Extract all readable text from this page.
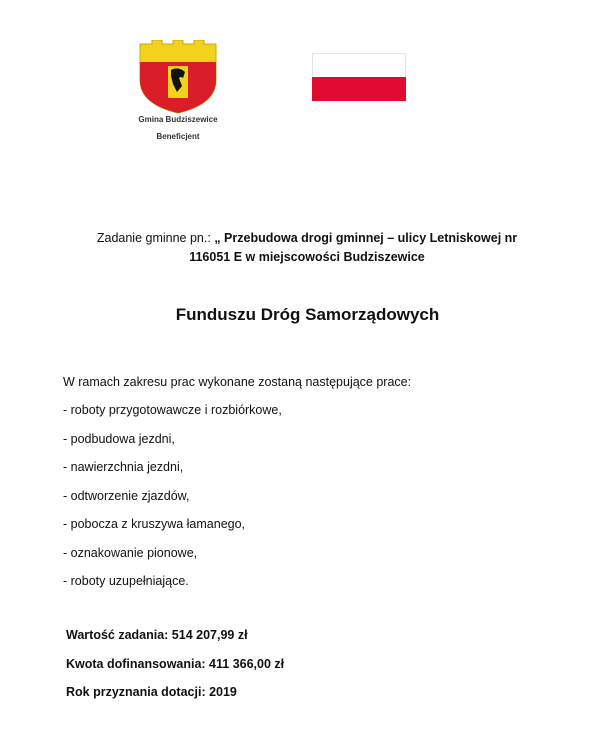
Gmina Budziszewice
Beneficjent
Zadanie gminne pn.: „ Przebudowa drogi gminnej – ulicy Letniskowej nr
116051 E w miejscowości Budziszewice
Funduszu Dróg Samorządowych
W ramach zakresu prac wykonane zostaną następujące prace:
- roboty przygotowawcze i rozbiórkowe,
- podbudowa jezdni,
- nawierzchnia jezdni,
- odtworzenie zjazdów,
- pobocza z kruszywa łamanego,
- oznakowanie pionowe,
- roboty uzupełniające.
Wartość zadania: 514 207,99 zł
Kwota dofinansowania: 411 366,00 zł
Rok przyznania dotacji: 2019
